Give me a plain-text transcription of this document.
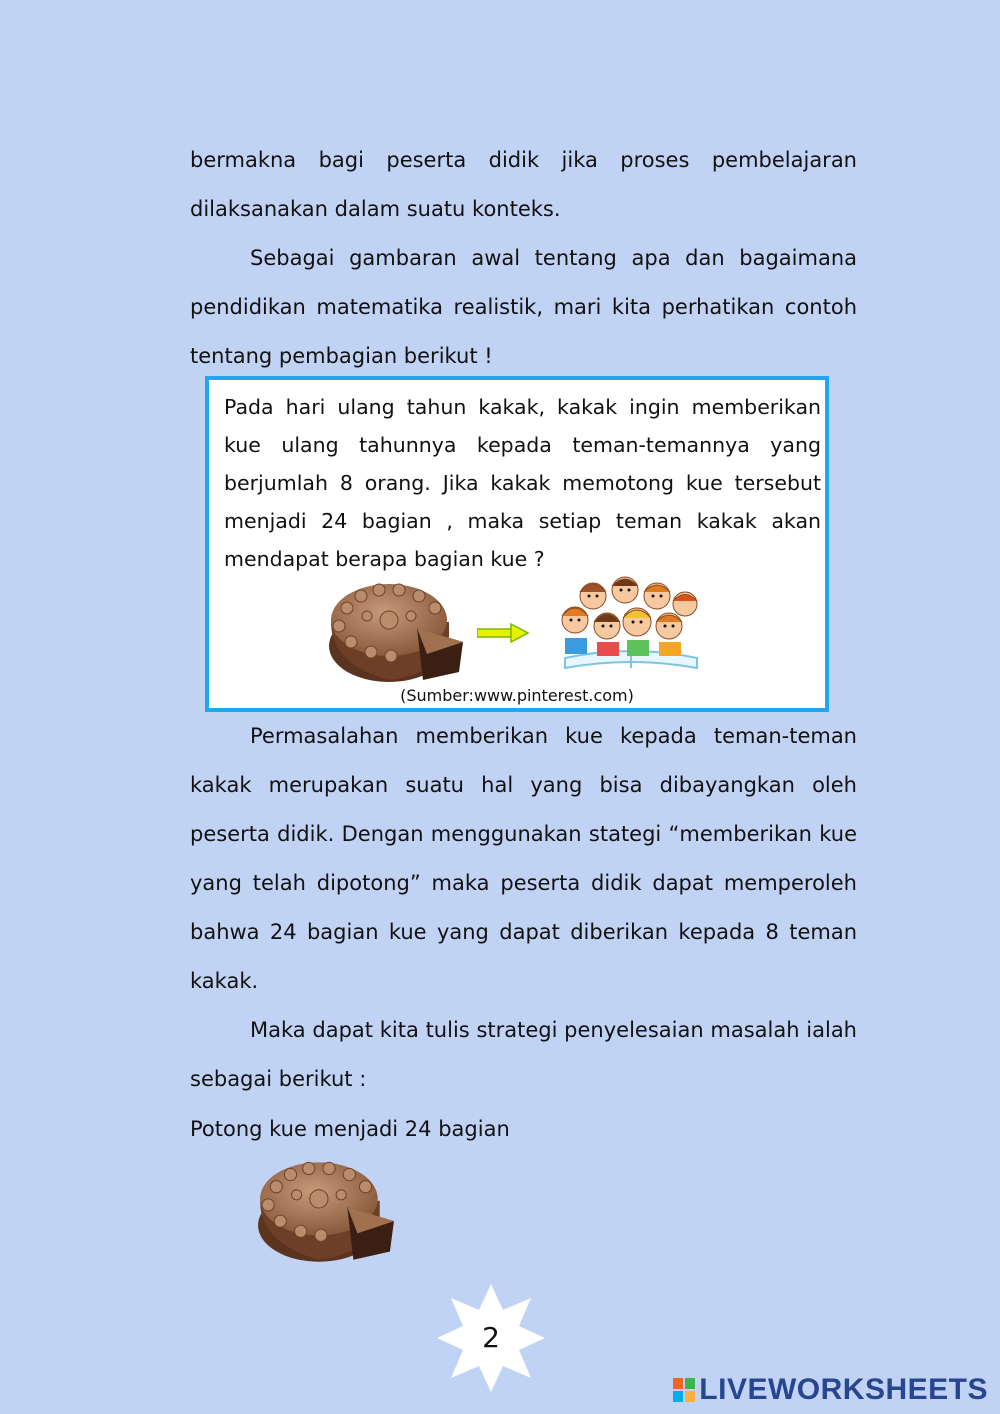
bermakna bagi peserta didik jika proses pembelajaran dilaksanakan dalam suatu konteks.

Sebagai gambaran awal tentang apa dan bagaimana pendidikan matematika realistik, mari kita perhatikan contoh tentang pembagian berikut !

Pada hari ulang tahun kakak, kakak ingin memberikan kue ulang tahunnya kepada teman-temannya yang berjumlah 8 orang. Jika kakak memotong kue tersebut menjadi 24 bagian , maka setiap teman kakak akan mendapat berapa bagian kue ?

(Sumber:www.pinterest.com)

Permasalahan memberikan kue kepada teman-teman kakak merupakan suatu hal yang bisa dibayangkan oleh peserta didik. Dengan menggunakan stategi “memberikan kue yang telah dipotong” maka peserta didik dapat memperoleh bahwa 24 bagian kue yang dapat diberikan kepada 8 teman kakak.

Maka dapat kita tulis strategi penyelesaian masalah ialah sebagai berikut :

Potong kue menjadi 24 bagian

2
LIVEWORKSHEETS
